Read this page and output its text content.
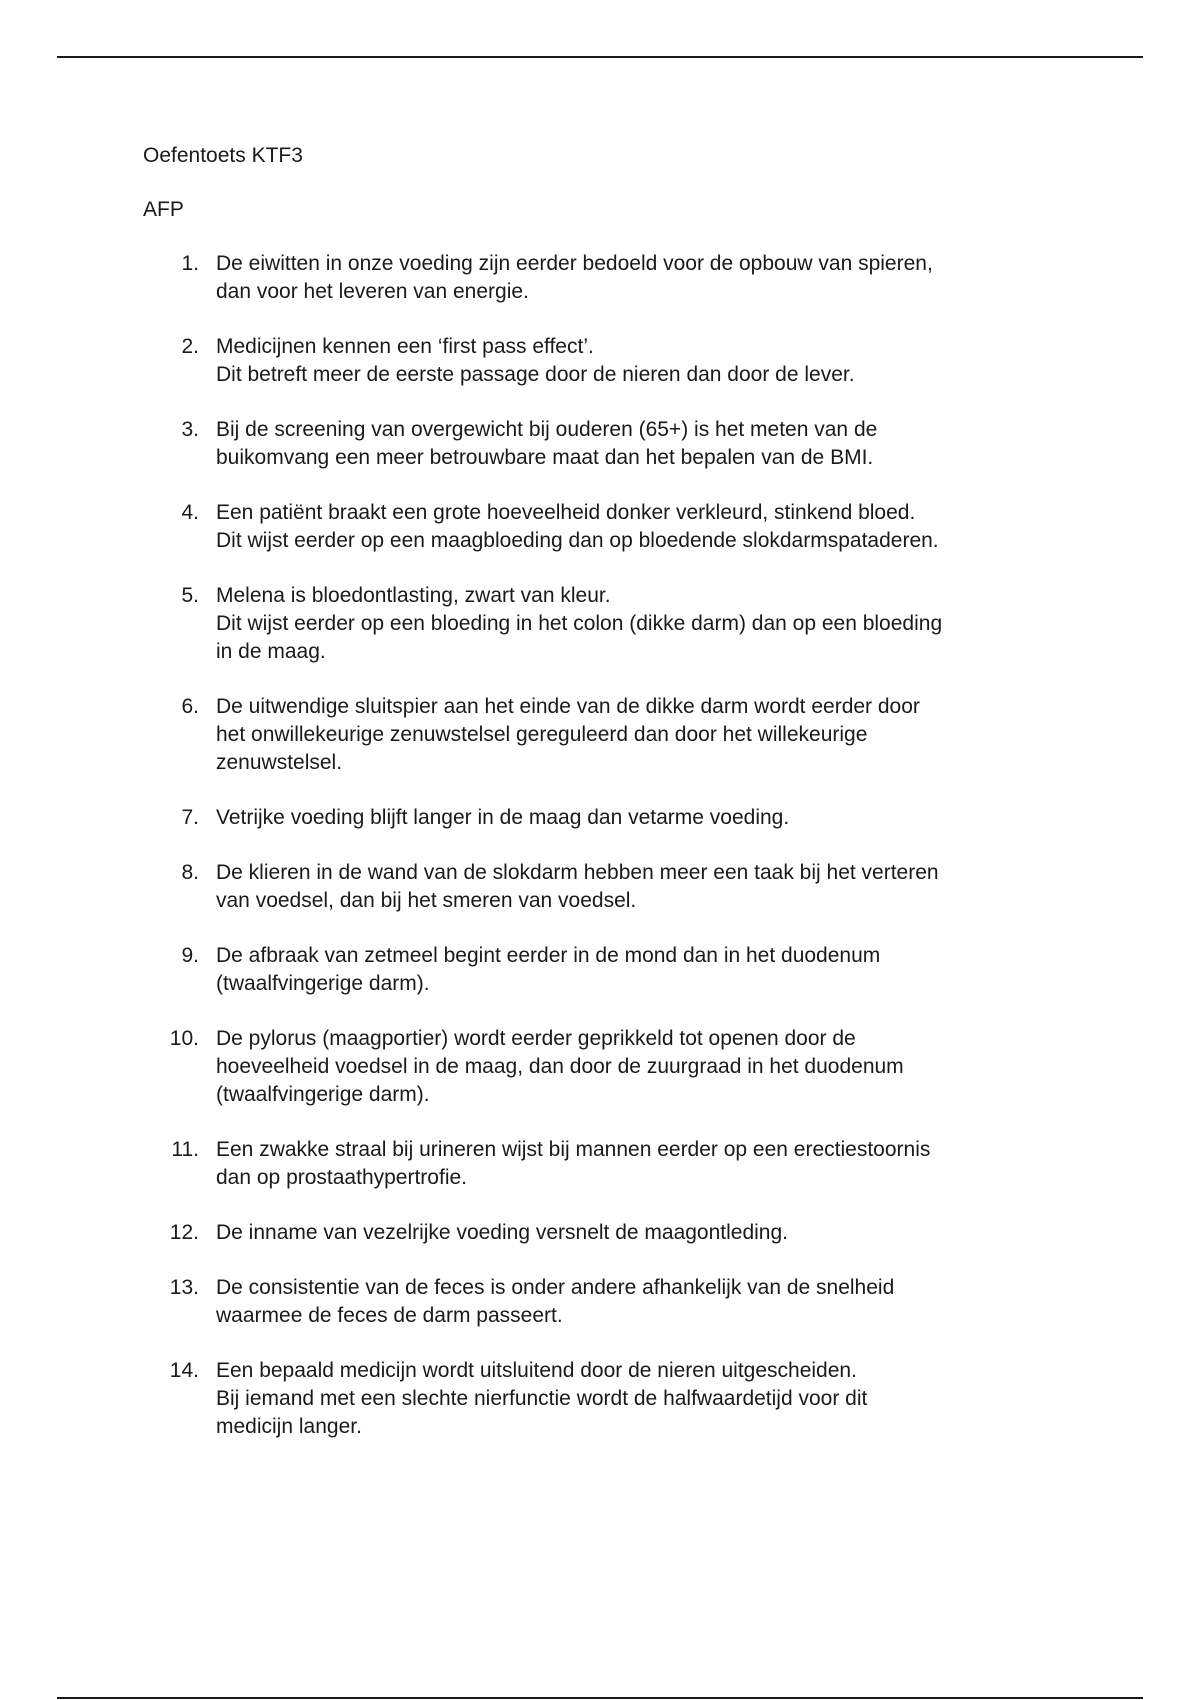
Oefentoets KTF3

AFP

1. De eiwitten in onze voeding zijn eerder bedoeld voor de opbouw van spieren,
dan voor het leveren van energie.
2. Medicijnen kennen een ‘first pass effect’.
Dit betreft meer de eerste passage door de nieren dan door de lever.
3. Bij de screening van overgewicht bij ouderen (65+) is het meten van de
buikomvang een meer betrouwbare maat dan het bepalen van de BMI.
4. Een patiënt braakt een grote hoeveelheid donker verkleurd, stinkend bloed.
Dit wijst eerder op een maagbloeding dan op bloedende slokdarmspataderen.
5. Melena is bloedontlasting, zwart van kleur.
Dit wijst eerder op een bloeding in het colon (dikke darm) dan op een bloeding
in de maag.
6. De uitwendige sluitspier aan het einde van de dikke darm wordt eerder door
het onwillekeurige zenuwstelsel gereguleerd dan door het willekeurige
zenuwstelsel.
7. Vetrijke voeding blijft langer in de maag dan vetarme voeding.
8. De klieren in de wand van de slokdarm hebben meer een taak bij het verteren
van voedsel, dan bij het smeren van voedsel.
9. De afbraak van zetmeel begint eerder in de mond dan in het duodenum
(twaalfvingerige darm).
10. De pylorus (maagportier) wordt eerder geprikkeld tot openen door de
hoeveelheid voedsel in de maag, dan door de zuurgraad in het duodenum
(twaalfvingerige darm).
11. Een zwakke straal bij urineren wijst bij mannen eerder op een erectiestoornis
dan op prostaathypertrofie.
12. De inname van vezelrijke voeding versnelt de maagontleding.
13. De consistentie van de feces is onder andere afhankelijk van de snelheid
waarmee de feces de darm passeert.
14. Een bepaald medicijn wordt uitsluitend door de nieren uitgescheiden.
Bij iemand met een slechte nierfunctie wordt de halfwaardetijd voor dit
medicijn langer.
